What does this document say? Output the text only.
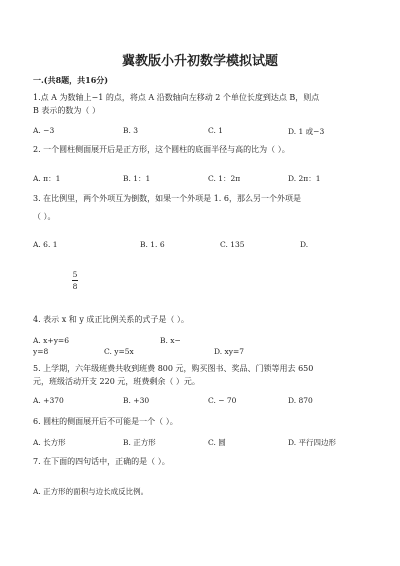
冀教版小升初数学模拟试题
一.(共8题，共16分)
1.点 A 为数轴上−1 的点，将点 A 沿数轴向左移动 2 个单位长度到达点 B，则点
B 表示的数为（ ）
A. −3	B. 3	C. 1	D. 1 或−3
2. 一个圆柱侧面展开后是正方形，这个圆柱的底面半径与高的比为（ ）。
A. π：1	B. 1：1	C. 1：2π	D. 2π：1
3. 在比例里，两个外项互为倒数，如果一个外项是 1. 6，那么另一个外项是
（ ）。
A. 6. 1	B. 1. 6	C. 135	D.
5
8
4. 表示 x 和 y 成正比例关系的式子是（ ）。
A. x+y=6	B. x−
y=8	C. y=5x	D. xy=7
5. 上学期，六年级班费共收到班费 800 元，购买图书、奖品、门锁等用去 650
元，班级活动开支 220 元，班费剩余（ ）元。
A. +370	B. +30	C. − 70	D. 870
6. 圆柱的侧面展开后不可能是一个（ ）。
A. 长方形	B. 正方形	C. 圆	D. 平行四边形
7. 在下面的四句话中，正确的是（ ）。
A. 正方形的面积与边长成反比例。
